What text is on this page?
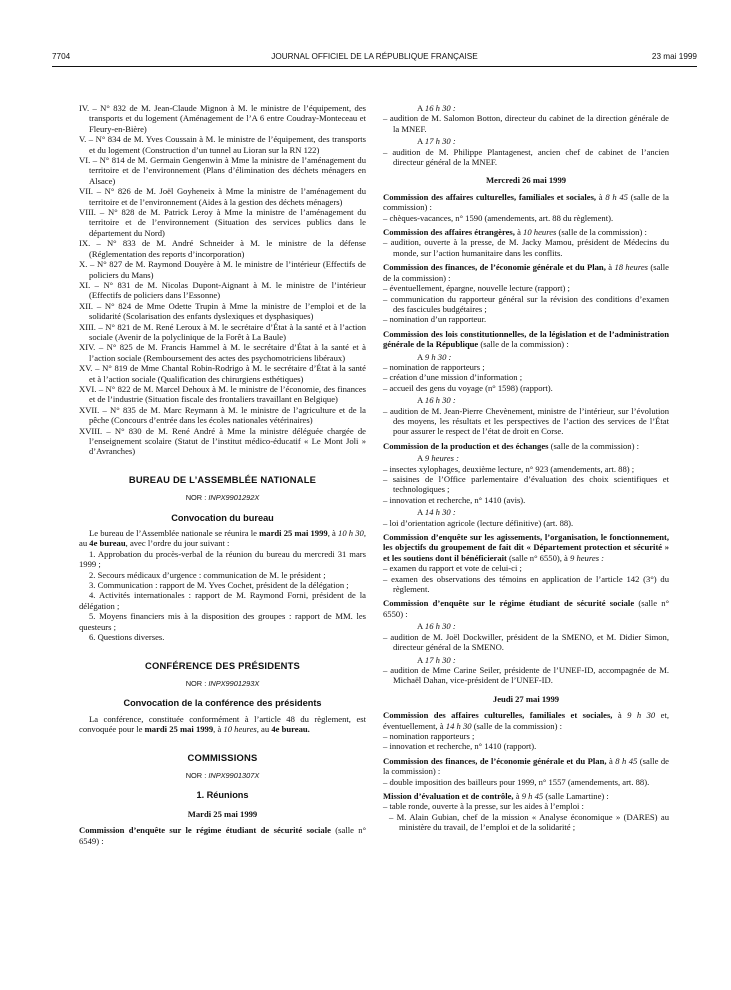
7704	JOURNAL OFFICIEL DE LA RÉPUBLIQUE FRANÇAISE	23 mai 1999
IV. – N° 832 de M. Jean-Claude Mignon à M. le ministre de l’équipement, des transports et du logement (Aménagement de l’A 6 entre Coudray-Monteceau et Fleury-en-Bière)
V. – N° 834 de M. Yves Coussain à M. le ministre de l’équipement, des transports et du logement (Construction d’un tunnel au Lioran sur la RN 122)
VI. – N° 814 de M. Germain Gengenwin à Mme la ministre de l’aménagement du territoire et de l’environnement (Plans d’élimination des déchets ménagers en Alsace)
VII. – N° 826 de M. Joël Goyheneix à Mme la ministre de l’aménagement du territoire et de l’environnement (Aides à la gestion des déchets ménagers)
VIII. – N° 828 de M. Patrick Leroy à Mme la ministre de l’aménagement du territoire et de l’environnement (Situation des services publics dans le département du Nord)
IX. – N° 833 de M. André Schneider à M. le ministre de la défense (Réglementation des reports d’incorporation)
X. – N° 827 de M. Raymond Douyère à M. le ministre de l’intérieur (Effectifs de policiers du Mans)
XI. – N° 831 de M. Nicolas Dupont-Aignant à M. le ministre de l’intérieur (Effectifs de policiers dans l’Essonne)
XII. – N° 824 de Mme Odette Trupin à Mme la ministre de l’emploi et de la solidarité (Scolarisation des enfants dyslexiques et dysphasiques)
XIII. – N° 821 de M. René Leroux à M. le secrétaire d’État à la santé et à l’action sociale (Avenir de la polyclinique de la Forêt à La Baule)
XIV. – N° 825 de M. Francis Hammel à M. le secrétaire d’État à la santé et à l’action sociale (Remboursement des actes des psychomotriciens libéraux)
XV. – N° 819 de Mme Chantal Robin-Rodrigo à M. le secrétaire d’État à la santé et à l’action sociale (Qualification des chirurgiens esthétiques)
XVI. – N° 822 de M. Marcel Dehoux à M. le ministre de l’économie, des finances et de l’industrie (Situation fiscale des frontaliers travaillant en Belgique)
XVII. – N° 835 de M. Marc Reymann à M. le ministre de l’agriculture et de la pêche (Concours d’entrée dans les écoles nationales vétérinaires)
XVIII. – N° 830 de M. René André à Mme la ministre déléguée chargée de l’enseignement scolaire (Statut de l’institut médico-éducatif « Le Mont Joli » d’Avranches)
BUREAU DE L’ASSEMBLÉE NATIONALE
NOR : INPX9901292X
Convocation du bureau
Le bureau de l’Assemblée nationale se réunira le mardi 25 mai 1999, à 10 h 30, au 4e bureau, avec l’ordre du jour suivant :
1. Approbation du procès-verbal de la réunion du bureau du mercredi 31 mars 1999 ;
2. Secours médicaux d’urgence : communication de M. le président ;
3. Communication : rapport de M. Yves Cochet, président de la délégation ;
4. Activités internationales : rapport de M. Raymond Forni, président de la délégation ;
5. Moyens financiers mis à la disposition des groupes : rapport de MM. les questeurs ;
6. Questions diverses.
CONFÉRENCE DES PRÉSIDENTS
NOR : INPX9901293X
Convocation de la conférence des présidents
La conférence, constituée conformément à l’article 48 du règlement, est convoquée pour le mardi 25 mai 1999, à 10 heures, au 4e bureau.
COMMISSIONS
NOR : INPX9901307X
1. Réunions
Mardi 25 mai 1999
Commission d’enquête sur le régime étudiant de sécurité sociale (salle n° 6549) :
A 16 h 30 :
– audition de M. Salomon Botton, directeur du cabinet de la direction générale de la MNEF.
A 17 h 30 :
– audition de M. Philippe Plantagenest, ancien chef de cabinet de l’ancien directeur général de la MNEF.
Mercredi 26 mai 1999
Commission des affaires culturelles, familiales et sociales, à 8 h 45 (salle de la commission) :
– chèques-vacances, n° 1590 (amendements, art. 88 du règlement).
Commission des affaires étrangères, à 10 heures (salle de la commission) :
– audition, ouverte à la presse, de M. Jacky Mamou, président de Médecins du monde, sur l’action humanitaire dans les conflits.
Commission des finances, de l’économie générale et du Plan, à 18 heures (salle de la commission) :
– éventuellement, épargne, nouvelle lecture (rapport) ;
– communication du rapporteur général sur la révision des conditions d’examen des fascicules budgétaires ;
– nomination d’un rapporteur.
Commission des lois constitutionnelles, de la législation et de l’administration générale de la République (salle de la commission) :
A 9 h 30 :
– nomination de rapporteurs ;
– création d’une mission d’information ;
– accueil des gens du voyage (n° 1598) (rapport).
A 16 h 30 :
– audition de M. Jean-Pierre Chevènement, ministre de l’intérieur, sur l’évolution des moyens, les résultats et les perspectives de l’action des services de l’État pour assurer le respect de l’état de droit en Corse.
Commission de la production et des échanges (salle de la commission) :
A 9 heures :
– insectes xylophages, deuxième lecture, n° 923 (amendements, art. 88) ;
– saisines de l’Office parlementaire d’évaluation des choix scientifiques et technologiques ;
– innovation et recherche, n° 1410 (avis).
A 14 h 30 :
– loi d’orientation agricole (lecture définitive) (art. 88).
Commission d’enquête sur les agissements, l’organisation, le fonctionnement, les objectifs du groupement de fait dit « Département protection et sécurité » et les soutiens dont il bénéficierait (salle n° 6550), à 9 heures :
– examen du rapport et vote de celui-ci ;
– examen des observations des témoins en application de l’article 142 (3°) du règlement.
Commission d’enquête sur le régime étudiant de sécurité sociale (salle n° 6550) :
A 16 h 30 :
– audition de M. Joël Dockwiller, président de la SMENO, et M. Didier Simon, directeur général de la SMENO.
A 17 h 30 :
– audition de Mme Carine Seiler, présidente de l’UNEF-ID, accompagnée de M. Michaël Dahan, vice-président de l’UNEF-ID.
Jeudi 27 mai 1999
Commission des affaires culturelles, familiales et sociales, à 9 h 30 et, éventuellement, à 14 h 30 (salle de la commission) :
– nomination rapporteurs ;
– innovation et recherche, n° 1410 (rapport).
Commission des finances, de l’économie générale et du Plan, à 8 h 45 (salle de la commission) :
– double imposition des bailleurs pour 1999, n° 1557 (amendements, art. 88).
Mission d’évaluation et de contrôle, à 9 h 45 (salle Lamartine) :
– table ronde, ouverte à la presse, sur les aides à l’emploi :
– M. Alain Gubian, chef de la mission « Analyse économique » (DARES) au ministère du travail, de l’emploi et de la solidarité ;
